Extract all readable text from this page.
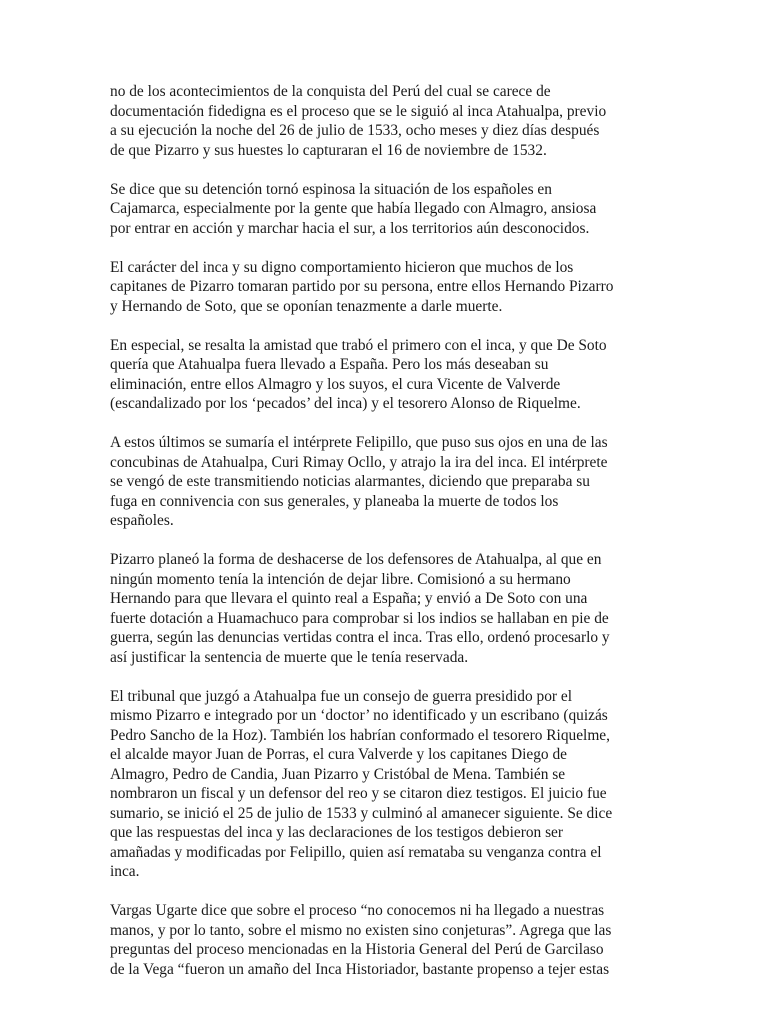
no de los acontecimientos de la conquista del Perú del cual se carece de
documentación fidedigna es el proceso que se le siguió al inca Atahualpa, previo
a su ejecución la noche del 26 de julio de 1533, ocho meses y diez días después
de que Pizarro y sus huestes lo capturaran el 16 de noviembre de 1532.

Se dice que su detención tornó espinosa la situación de los españoles en
Cajamarca, especialmente por la gente que había llegado con Almagro, ansiosa
por entrar en acción y marchar hacia el sur, a los territorios aún desconocidos.

El carácter del inca y su digno comportamiento hicieron que muchos de los
capitanes de Pizarro tomaran partido por su persona, entre ellos Hernando Pizarro
y Hernando de Soto, que se oponían tenazmente a darle muerte.

En especial, se resalta la amistad que trabó el primero con el inca, y que De Soto
quería que Atahualpa fuera llevado a España. Pero los más deseaban su
eliminación, entre ellos Almagro y los suyos, el cura Vicente de Valverde
(escandalizado por los ‘pecados’ del inca) y el tesorero Alonso de Riquelme.

A estos últimos se sumaría el intérprete Felipillo, que puso sus ojos en una de las
concubinas de Atahualpa, Curi Rimay Ocllo, y atrajo la ira del inca. El intérprete
se vengó de este transmitiendo noticias alarmantes, diciendo que preparaba su
fuga en connivencia con sus generales, y planeaba la muerte de todos los
españoles.

Pizarro planeó la forma de deshacerse de los defensores de Atahualpa, al que en
ningún momento tenía la intención de dejar libre. Comisionó a su hermano
Hernando para que llevara el quinto real a España; y envió a De Soto con una
fuerte dotación a Huamachuco para comprobar si los indios se hallaban en pie de
guerra, según las denuncias vertidas contra el inca. Tras ello, ordenó procesarlo y
así justificar la sentencia de muerte que le tenía reservada.

El tribunal que juzgó a Atahualpa fue un consejo de guerra presidido por el
mismo Pizarro e integrado por un ‘doctor’ no identificado y un escribano (quizás
Pedro Sancho de la Hoz). También los habrían conformado el tesorero Riquelme,
el alcalde mayor Juan de Porras, el cura Valverde y los capitanes Diego de
Almagro, Pedro de Candia, Juan Pizarro y Cristóbal de Mena. También se
nombraron un fiscal y un defensor del reo y se citaron diez testigos. El juicio fue
sumario, se inició el 25 de julio de 1533 y culminó al amanecer siguiente. Se dice
que las respuestas del inca y las declaraciones de los testigos debieron ser
amañadas y modificadas por Felipillo, quien así remataba su venganza contra el
inca.

Vargas Ugarte dice que sobre el proceso “no conocemos ni ha llegado a nuestras
manos, y por lo tanto, sobre el mismo no existen sino conjeturas”. Agrega que las
preguntas del proceso mencionadas en la Historia General del Perú de Garcilaso
de la Vega “fueron un amaño del Inca Historiador, bastante propenso a tejer estas
